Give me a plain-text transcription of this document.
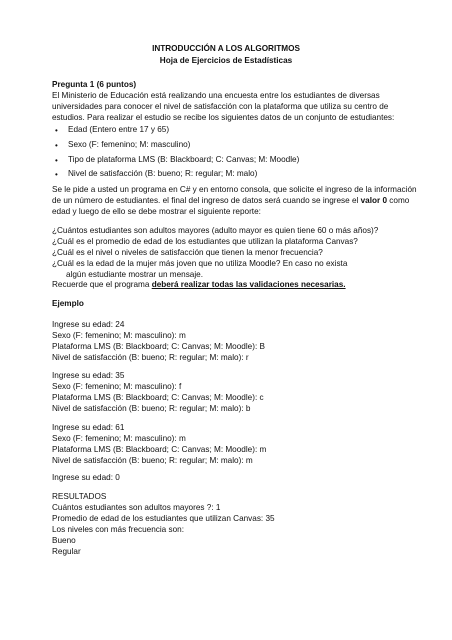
INTRODUCCIÓN A LOS ALGORITMOS
Hoja de Ejercicios de Estadísticas
Pregunta 1 (6 puntos)
El Ministerio de Educación está realizando una encuesta entre los estudiantes de diversas
universidades para conocer el nivel de satisfacción con la plataforma que utiliza su centro de
estudios. Para realizar el estudio se recibe los siguientes datos de un conjunto de estudiantes:
• Edad (Entero entre 17 y 65)
• Sexo (F: femenino; M: masculino)
• Tipo de plataforma LMS (B: Blackboard; C: Canvas; M: Moodle)
• Nivel de satisfacción (B: bueno; R: regular; M: malo)
Se le pide a usted un programa en C# y en entorno consola, que solicite el ingreso de la información
de un número de estudiantes. el final del ingreso de datos será cuando se ingrese el valor 0 como
edad y luego de ello se debe mostrar el siguiente reporte:
¿Cuántos estudiantes son adultos mayores (adulto mayor es quien tiene 60 o más años)?
¿Cuál es el promedio de edad de los estudiantes que utilizan la plataforma Canvas?
¿Cuál es el nivel o niveles de satisfacción que tienen la menor frecuencia?
¿Cuál es la edad de la mujer más joven que no utiliza Moodle? En caso no exista
algún estudiante mostrar un mensaje.
Recuerde que el programa deberá realizar todas las validaciones necesarias.
Ejemplo
Ingrese su edad: 24
Sexo (F: femenino; M: masculino): m
Plataforma LMS (B: Blackboard; C: Canvas; M: Moodle): B
Nivel de satisfacción (B: bueno; R: regular; M: malo): r
Ingrese su edad: 35
Sexo (F: femenino; M: masculino): f
Plataforma LMS (B: Blackboard; C: Canvas; M: Moodle): c
Nivel de satisfacción (B: bueno; R: regular; M: malo): b
Ingrese su edad: 61
Sexo (F: femenino; M: masculino): m
Plataforma LMS (B: Blackboard; C: Canvas; M: Moodle): m
Nivel de satisfacción (B: bueno; R: regular; M: malo): m
Ingrese su edad: 0
RESULTADOS
Cuántos estudiantes son adultos mayores ?: 1
Promedio de edad de los estudiantes que utilizan Canvas: 35
Los niveles con más frecuencia son:
Bueno
Regular
